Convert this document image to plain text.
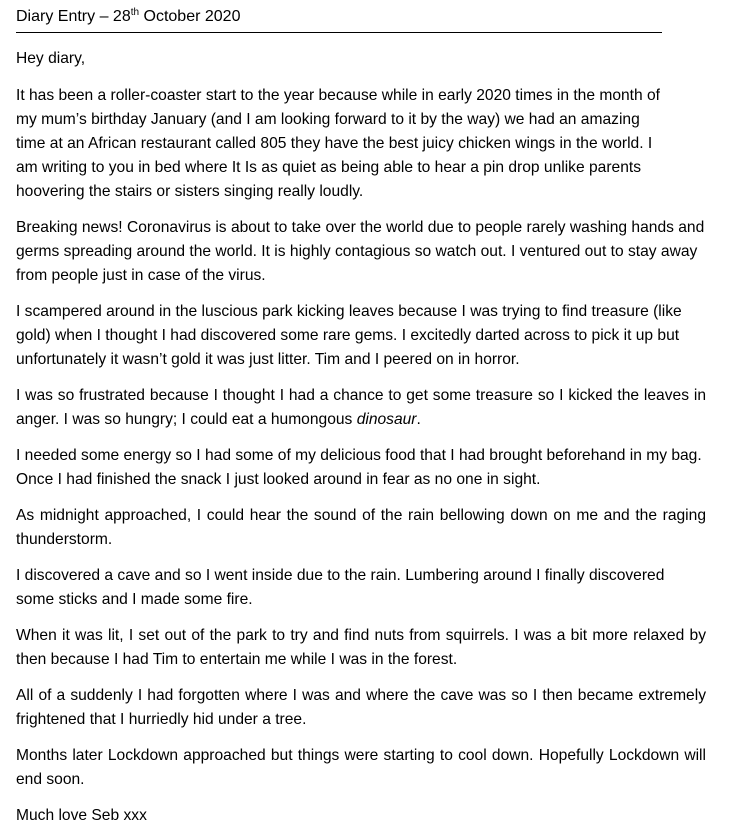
Diary Entry – 28th October 2020

Hey diary,

It has been a roller-coaster start to the year because while in early 2020 times in the month of my mum’s birthday January (and I am looking forward to it by the way) we had an amazing time at an African restaurant called 805 they have the best juicy chicken wings in the world. I am writing to you in bed where It Is as quiet as being able to hear a pin drop unlike parents hoovering the stairs or sisters singing really loudly.

Breaking news! Coronavirus is about to take over the world due to people rarely washing hands and germs spreading around the world. It is highly contagious so watch out. I ventured out to stay away from people just in case of the virus.

I scampered around in the luscious park kicking leaves because I was trying to find treasure (like gold) when I thought I had discovered some rare gems. I excitedly darted across to pick it up but unfortunately it wasn’t gold it was just litter. Tim and I peered on in horror.

I was so frustrated because I thought I had a chance to get some treasure so I kicked the leaves in anger. I was so hungry; I could eat a humongous dinosaur.

I needed some energy so I had some of my delicious food that I had brought beforehand in my bag. Once I had finished the snack I just looked around in fear as no one in sight.

As midnight approached, I could hear the sound of the rain bellowing down on me and the raging thunderstorm.

I discovered a cave and so I went inside due to the rain. Lumbering around I finally discovered some sticks and I made some fire.

When it was lit, I set out of the park to try and find nuts from squirrels. I was a bit more relaxed by then because I had Tim to entertain me while I was in the forest.

All of a suddenly I had forgotten where I was and where the cave was so I then became extremely frightened that I hurriedly hid under a tree.

Months later Lockdown approached but things were starting to cool down. Hopefully Lockdown will end soon.

Much love Seb xxx
